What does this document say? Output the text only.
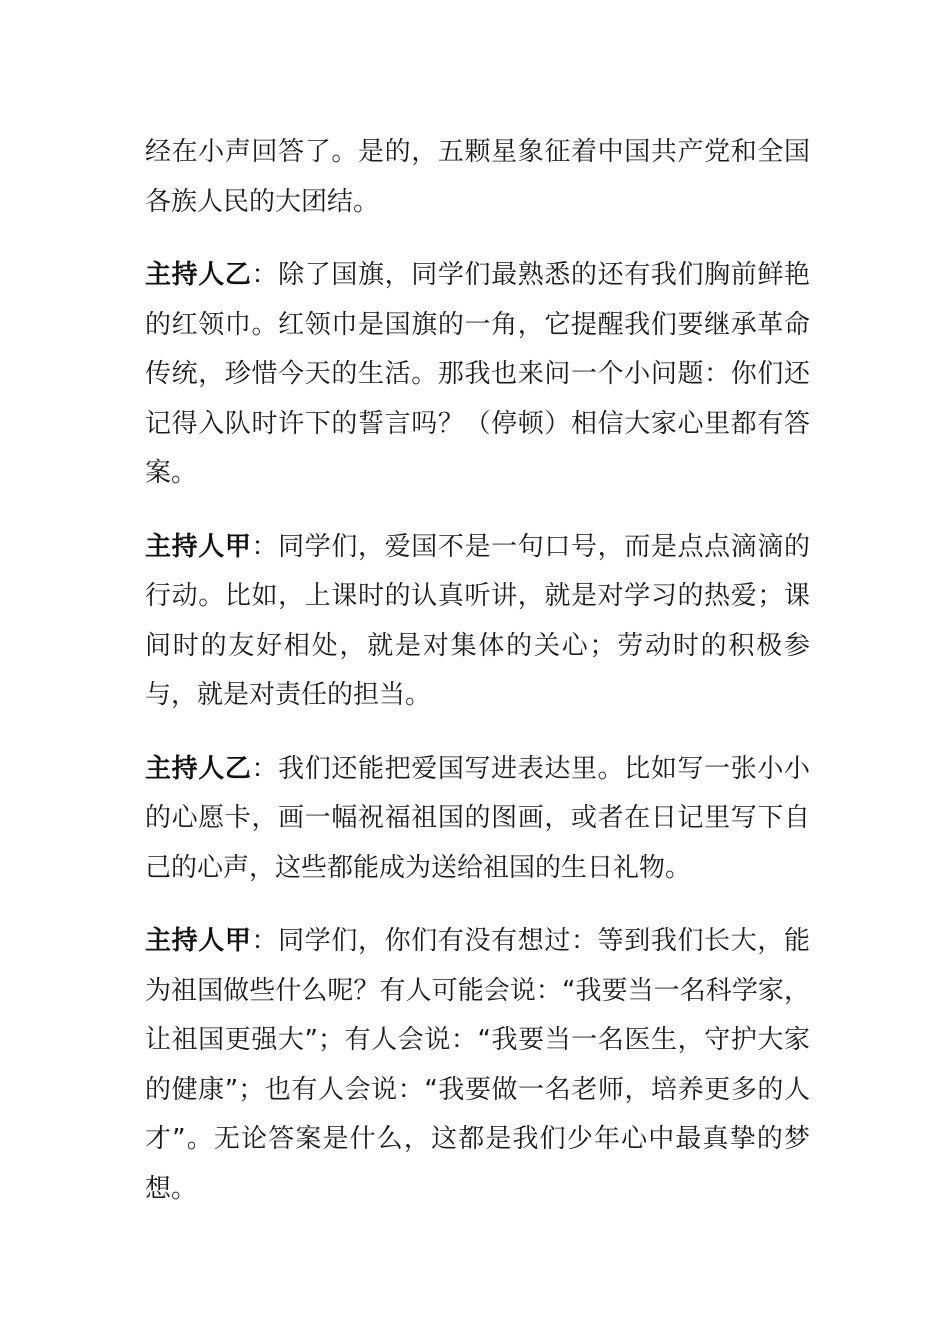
经在小声回答了。是的，五颗星象征着中国共产党和全国各族人民的大团结。

主持人乙：除了国旗，同学们最熟悉的还有我们胸前鲜艳的红领巾。红领巾是国旗的一角，它提醒我们要继承革命传统，珍惜今天的生活。那我也来问一个小问题：你们还记得入队时许下的誓言吗？（停顿）相信大家心里都有答案。

主持人甲：同学们，爱国不是一句口号，而是点点滴滴的行动。比如，上课时的认真听讲，就是对学习的热爱；课间时的友好相处，就是对集体的关心；劳动时的积极参与，就是对责任的担当。

主持人乙：我们还能把爱国写进表达里。比如写一张小小的心愿卡，画一幅祝福祖国的图画，或者在日记里写下自己的心声，这些都能成为送给祖国的生日礼物。

主持人甲：同学们，你们有没有想过：等到我们长大，能为祖国做些什么呢？有人可能会说：“我要当一名科学家，让祖国更强大”；有人会说：“我要当一名医生，守护大家的健康”；也有人会说：“我要做一名老师，培养更多的人才”。无论答案是什么，这都是我们少年心中最真挚的梦想。
